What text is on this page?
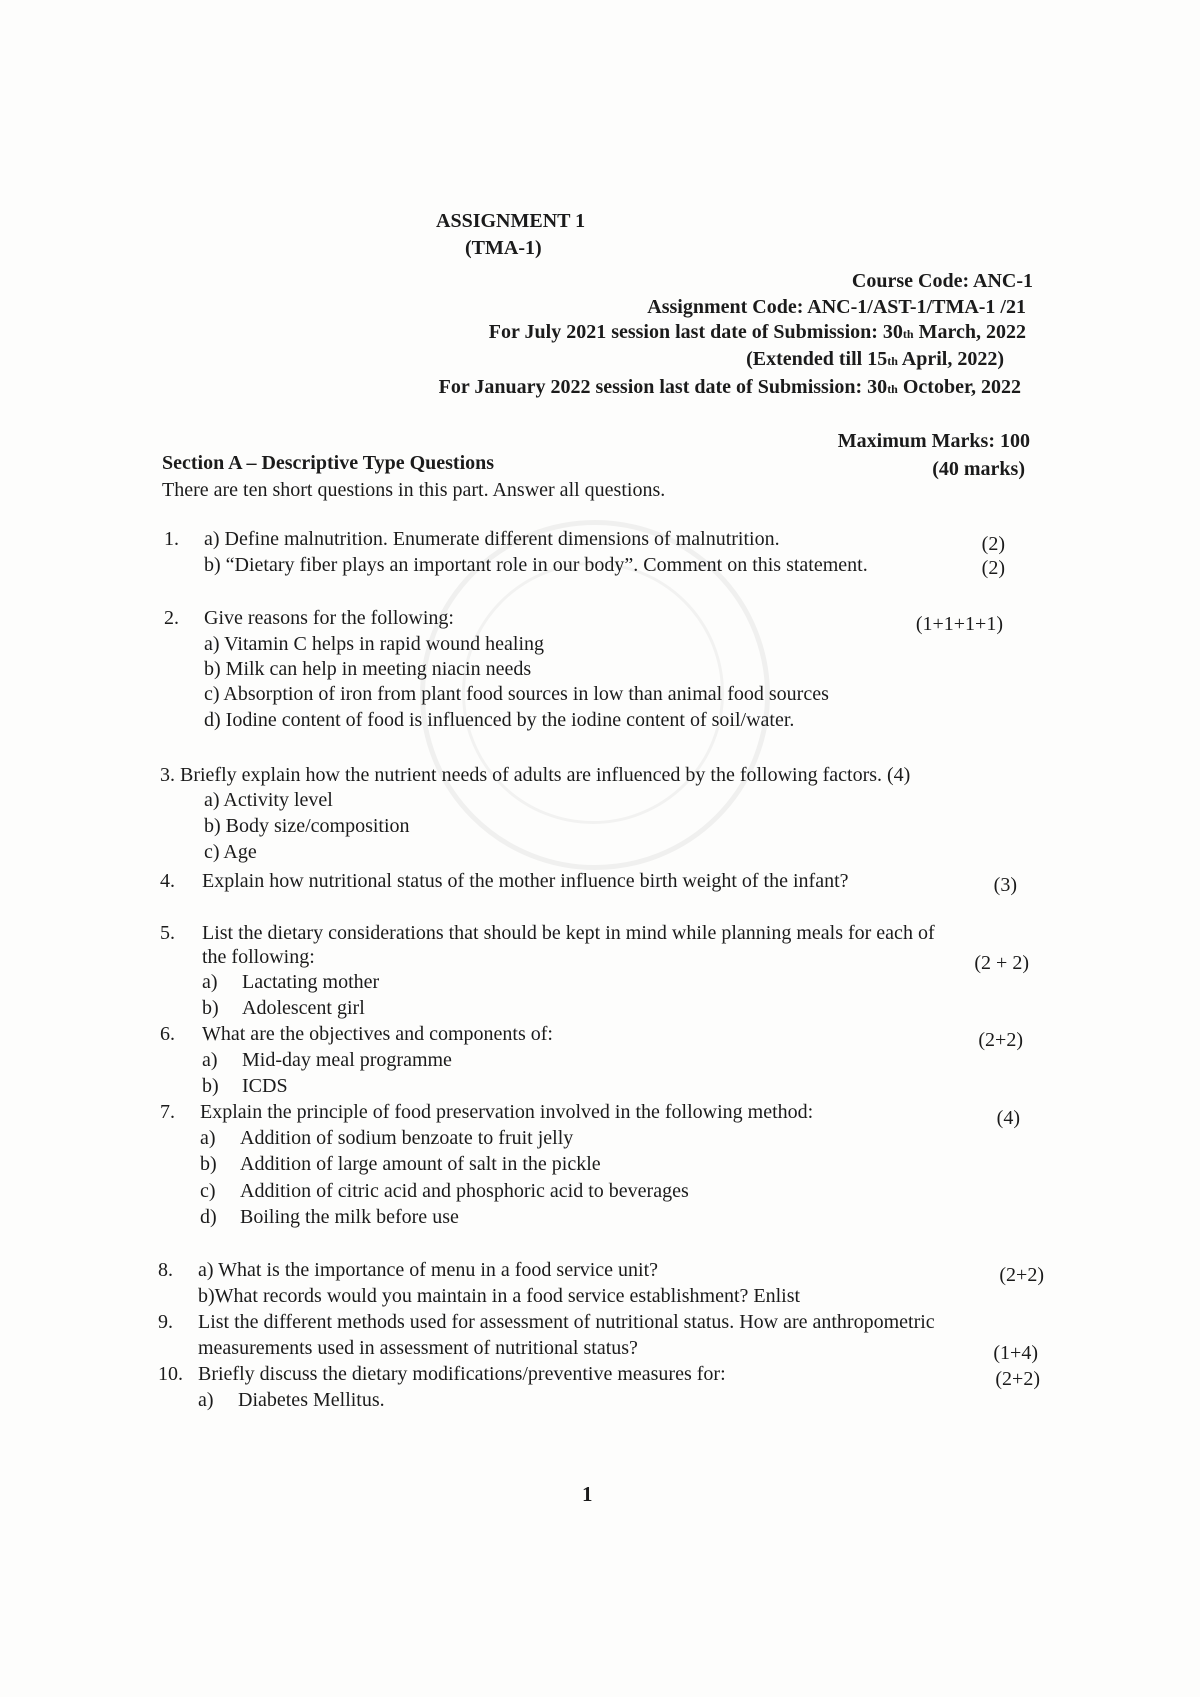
ASSIGNMENT 1
(TMA-1)
Course Code: ANC-1
Assignment Code: ANC-1/AST-1/TMA-1 /21
For July 2021 session last date of Submission: 30th March, 2022
(Extended till 15th April, 2022)
For January 2022 session last date of Submission: 30th October, 2022
Maximum Marks: 100
Section A – Descriptive Type Questions	(40 marks)
There are ten short questions in this part. Answer all questions.
1. a) Define malnutrition. Enumerate different dimensions of malnutrition.	(2)
b) “Dietary fiber plays an important role in our body”. Comment on this statement.	(2)
2. Give reasons for the following:	(1+1+1+1)
a) Vitamin C helps in rapid wound healing
b) Milk can help in meeting niacin needs
c) Absorption of iron from plant food sources in low than animal food sources
d) Iodine content of food is influenced by the iodine content of soil/water.
3. Briefly explain how the nutrient needs of adults are influenced by the following factors. (4)
a) Activity level
b) Body size/composition
c) Age
4. Explain how nutritional status of the mother influence birth weight of the infant?	(3)
5. List the dietary considerations that should be kept in mind while planning meals for each of
the following:	(2 + 2)
a) Lactating mother
b) Adolescent girl
6. What are the objectives and components of:	(2+2)
a) Mid-day meal programme
b) ICDS
7. Explain the principle of food preservation involved in the following method:	(4)
a) Addition of sodium benzoate to fruit jelly
b) Addition of large amount of salt in the pickle
c) Addition of citric acid and phosphoric acid to beverages
d) Boiling the milk before use
8. a) What is the importance of menu in a food service unit?	(2+2)
b)What records would you maintain in a food service establishment? Enlist
9. List the different methods used for assessment of nutritional status. How are anthropometric
measurements used in assessment of nutritional status?	(1+4)
10. Briefly discuss the dietary modifications/preventive measures for:	(2+2)
a) Diabetes Mellitus.
1
